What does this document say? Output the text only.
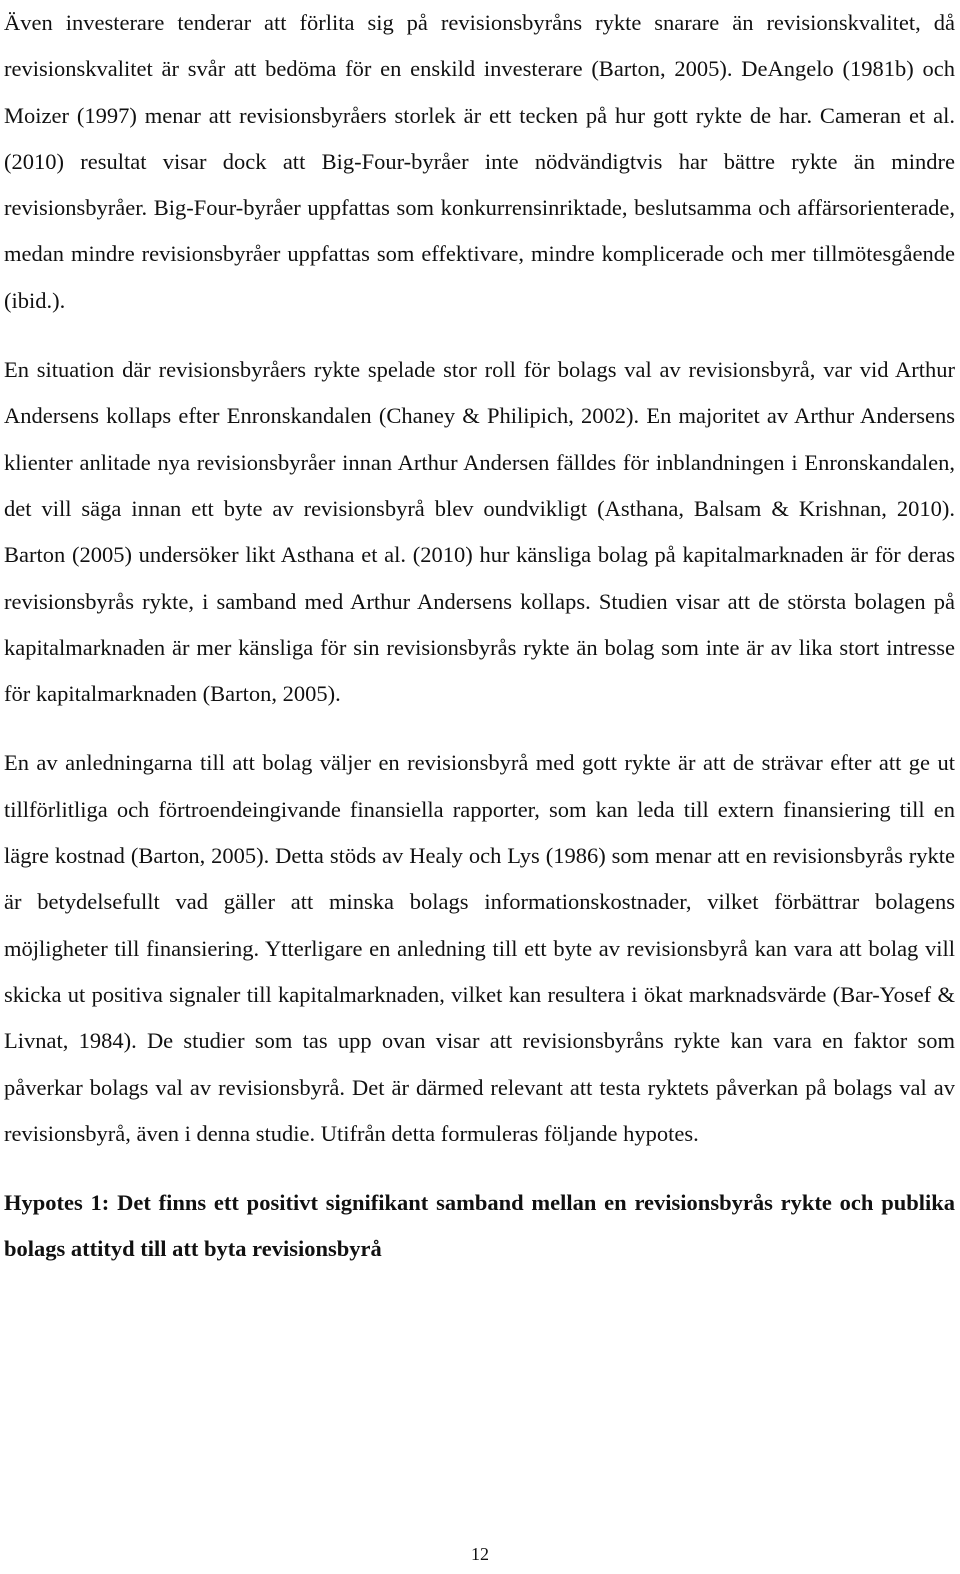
Även investerare tenderar att förlita sig på revisionsbyråns rykte snarare än revisionskvalitet, då revisionskvalitet är svår att bedöma för en enskild investerare (Barton, 2005). DeAngelo (1981b) och Moizer (1997) menar att revisionsbyråers storlek är ett tecken på hur gott rykte de har. Cameran et al. (2010) resultat visar dock att Big-Four-byråer inte nödvändigtvis har bättre rykte än mindre revisionsbyråer. Big-Four-byråer uppfattas som konkurrensinriktade, beslutsamma och affärsorienterade, medan mindre revisionsbyråer uppfattas som effektivare, mindre komplicerade och mer tillmötesgående (ibid.).

En situation där revisionsbyråers rykte spelade stor roll för bolags val av revisionsbyrå, var vid Arthur Andersens kollaps efter Enronskandalen (Chaney & Philipich, 2002). En majoritet av Arthur Andersens klienter anlitade nya revisionsbyråer innan Arthur Andersen fälldes för inblandningen i Enronskandalen, det vill säga innan ett byte av revisionsbyrå blev oundvikligt (Asthana, Balsam & Krishnan, 2010). Barton (2005) undersöker likt Asthana et al. (2010) hur känsliga bolag på kapitalmarknaden är för deras revisionsbyrås rykte, i samband med Arthur Andersens kollaps. Studien visar att de största bolagen på kapitalmarknaden är mer känsliga för sin revisionsbyrås rykte än bolag som inte är av lika stort intresse för kapitalmarknaden (Barton, 2005).

En av anledningarna till att bolag väljer en revisionsbyrå med gott rykte är att de strävar efter att ge ut tillförlitliga och förtroendeingivande finansiella rapporter, som kan leda till extern finansiering till en lägre kostnad (Barton, 2005). Detta stöds av Healy och Lys (1986) som menar att en revisionsbyrås rykte är betydelsefullt vad gäller att minska bolags informationskostnader, vilket förbättrar bolagens möjligheter till finansiering. Ytterligare en anledning till ett byte av revisionsbyrå kan vara att bolag vill skicka ut positiva signaler till kapitalmarknaden, vilket kan resultera i ökat marknadsvärde (Bar-Yosef & Livnat, 1984). De studier som tas upp ovan visar att revisionsbyråns rykte kan vara en faktor som påverkar bolags val av revisionsbyrå. Det är därmed relevant att testa ryktets påverkan på bolags val av revisionsbyrå, även i denna studie. Utifrån detta formuleras följande hypotes.

Hypotes 1: Det finns ett positivt signifikant samband mellan en revisionsbyrås rykte och publika bolags attityd till att byta revisionsbyrå

12
